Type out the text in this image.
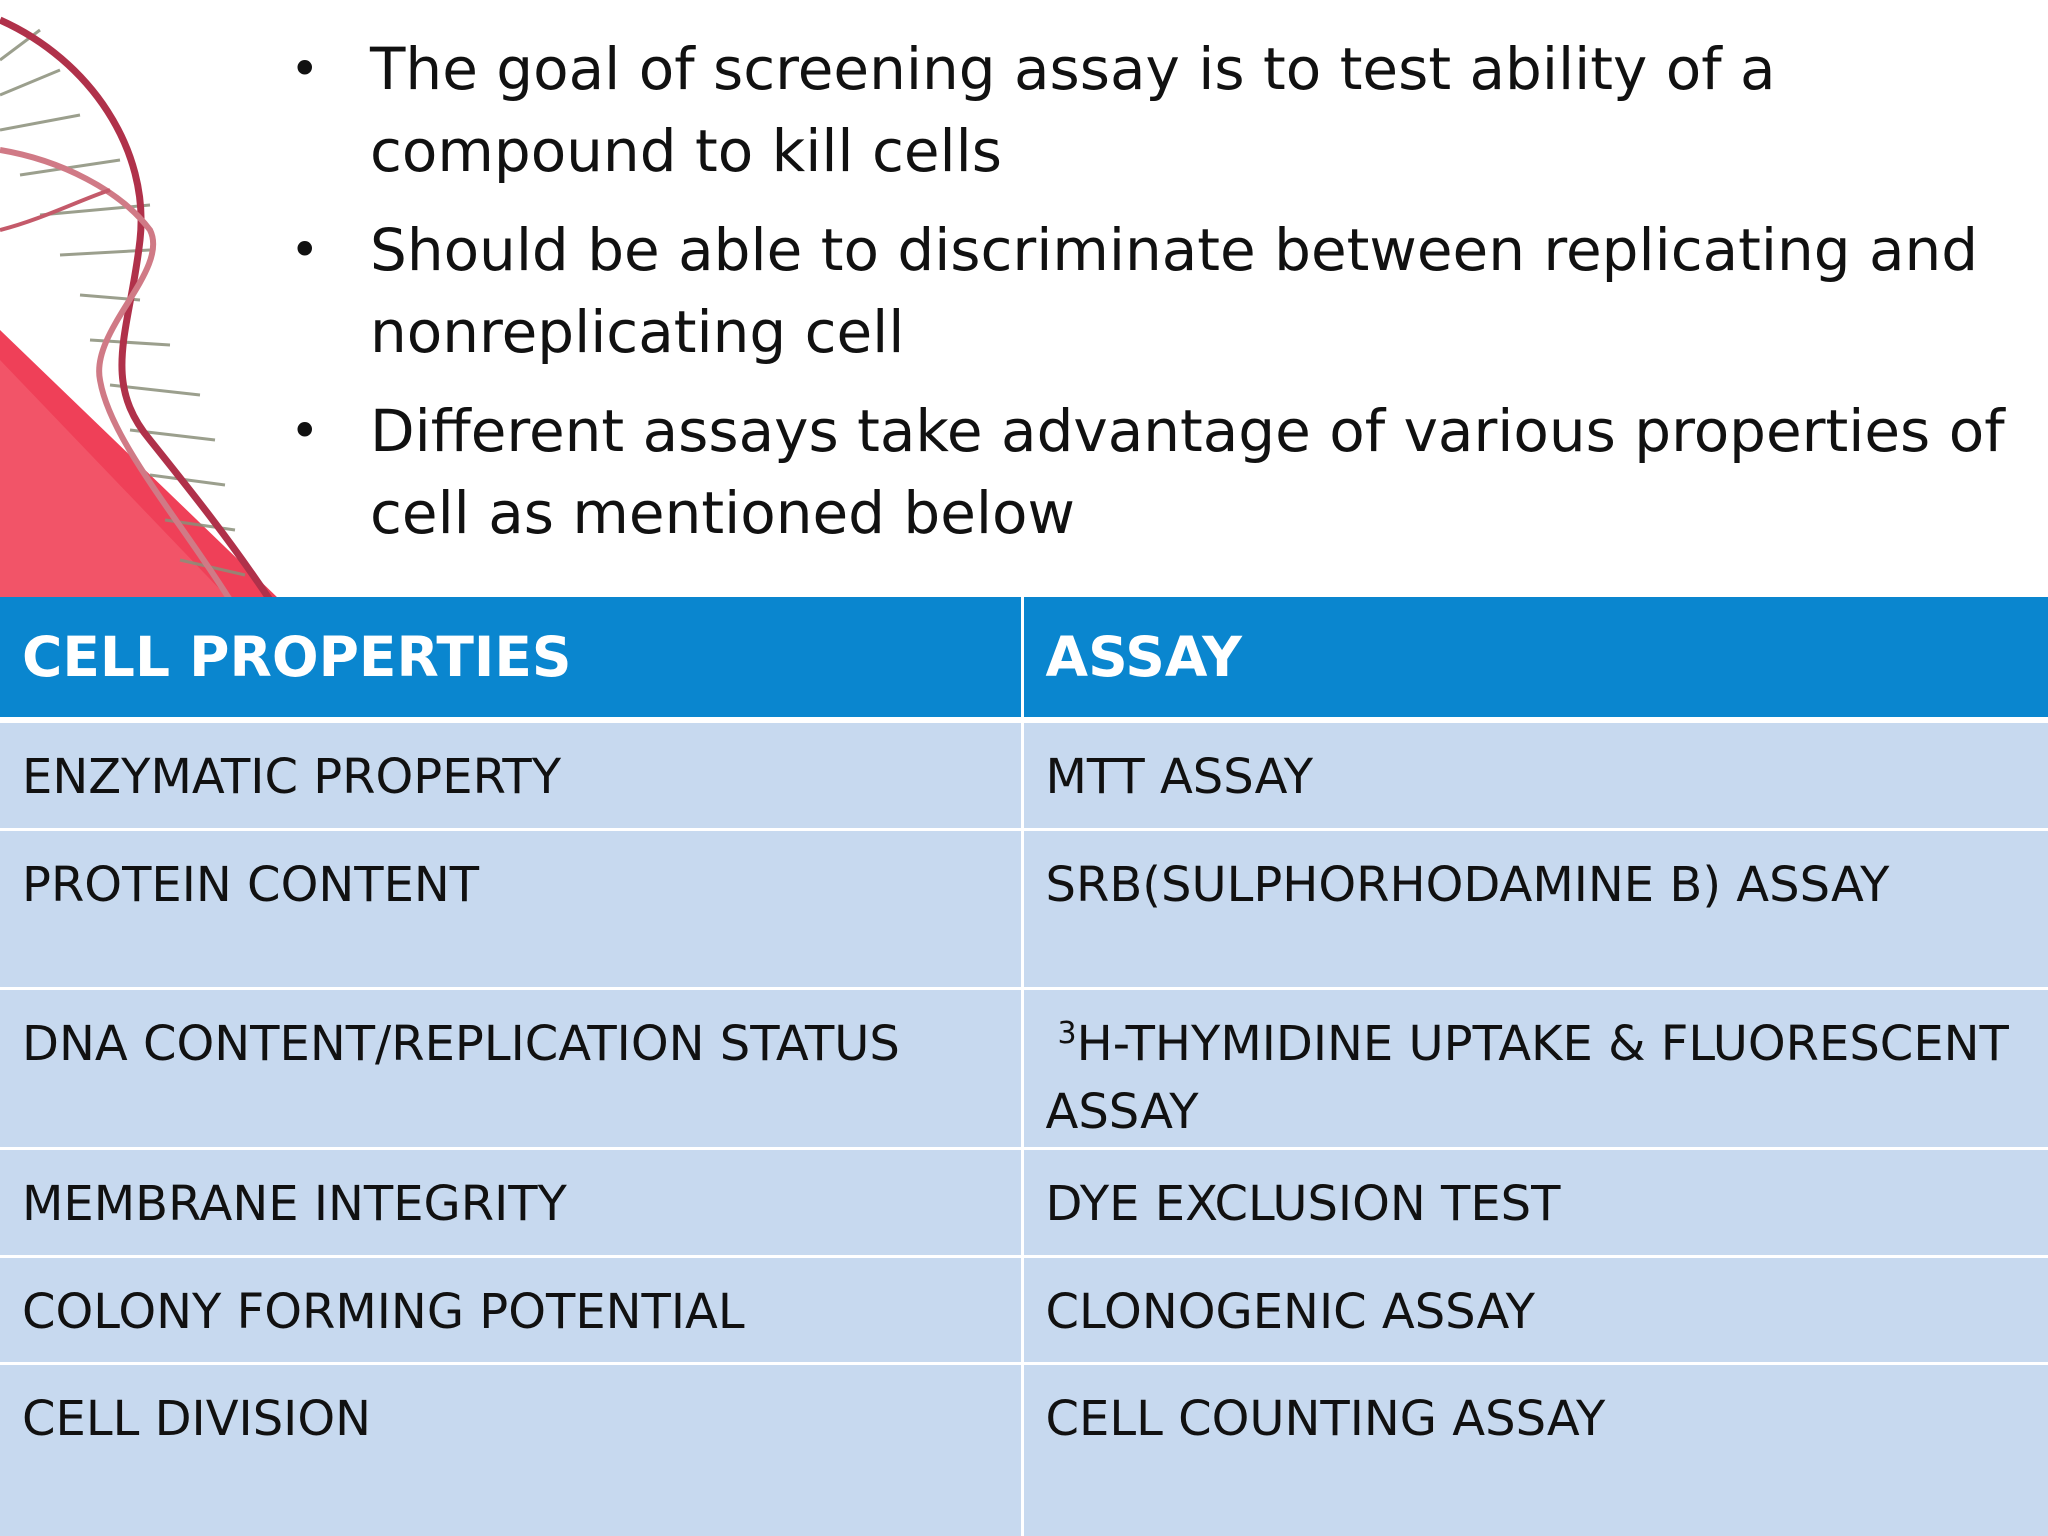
• The goal of screening assay is to test ability of a compound to kill cells
• Should be able to discriminate between replicating and nonreplicating cell
• Different assays take advantage of various properties of cell as mentioned below
CELL PROPERTIES	ASSAY
ENZYMATIC PROPERTY	MTT ASSAY
PROTEIN CONTENT	SRB(SULPHORHODAMINE B) ASSAY
DNA CONTENT/REPLICATION STATUS	$^3$H-THYMIDINE UPTAKE & FLUORESCENT ASSAY
MEMBRANE INTEGRITY	DYE EXCLUSION TEST
COLONY FORMING POTENTIAL	CLONOGENIC ASSAY
CELL DIVISION	CELL COUNTING ASSAY
